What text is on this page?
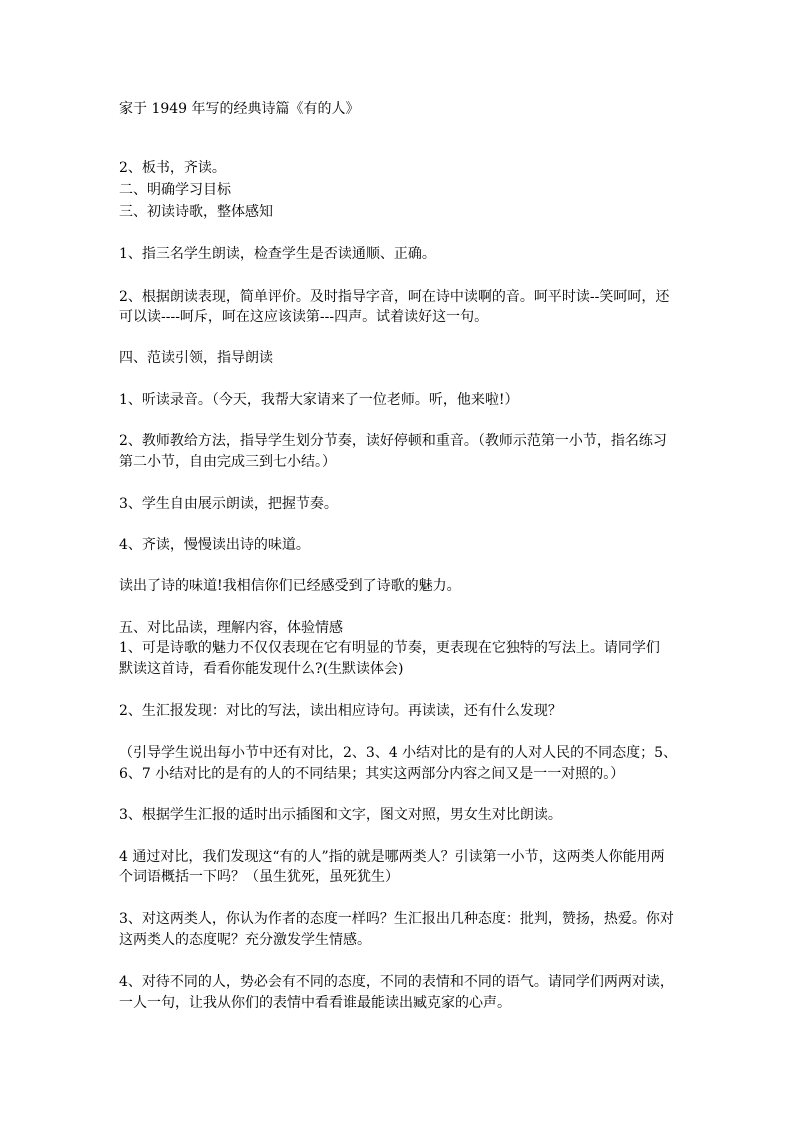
家于 1949 年写的经典诗篇《有的人》
2、板书，齐读。
二、明确学习目标
三、初读诗歌，整体感知
1、指三名学生朗读，检查学生是否读通顺、正确。
2、根据朗读表现，简单评价。及时指导字音，呵在诗中读啊的音。呵平时读--笑呵呵，还
可以读----呵斥，呵在这应该读第---四声。试着读好这一句。
四、范读引领，指导朗读
1、听读录音。（今天，我帮大家请来了一位老师。听，他来啦!）
2、教师教给方法，指导学生划分节奏，读好停顿和重音。（教师示范第一小节，指名练习
第二小节，自由完成三到七小结。）
3、学生自由展示朗读，把握节奏。
4、齐读，慢慢读出诗的味道。
读出了诗的味道!我相信你们已经感受到了诗歌的魅力。
五、对比品读，理解内容，体验情感
1、可是诗歌的魅力不仅仅表现在它有明显的节奏，更表现在它独特的写法上。请同学们
默读这首诗，看看你能发现什么?(生默读体会)
2、生汇报发现：对比的写法，读出相应诗句。再读读，还有什么发现？
（引导学生说出每小节中还有对比，2、3、4 小结对比的是有的人对人民的不同态度；5、
6、7 小结对比的是有的人的不同结果；其实这两部分内容之间又是一一对照的。）
3、根据学生汇报的适时出示插图和文字，图文对照，男女生对比朗读。
4 通过对比，我们发现这“有的人”指的就是哪两类人？引读第一小节，这两类人你能用两
个词语概括一下吗？（虽生犹死，虽死犹生）
3、对这两类人，你认为作者的态度一样吗？生汇报出几种态度：批判，赞扬，热爱。你对
这两类人的态度呢？充分激发学生情感。
4、对待不同的人，势必会有不同的态度，不同的表情和不同的语气。请同学们两两对读，
一人一句，让我从你们的表情中看看谁最能读出臧克家的心声。
